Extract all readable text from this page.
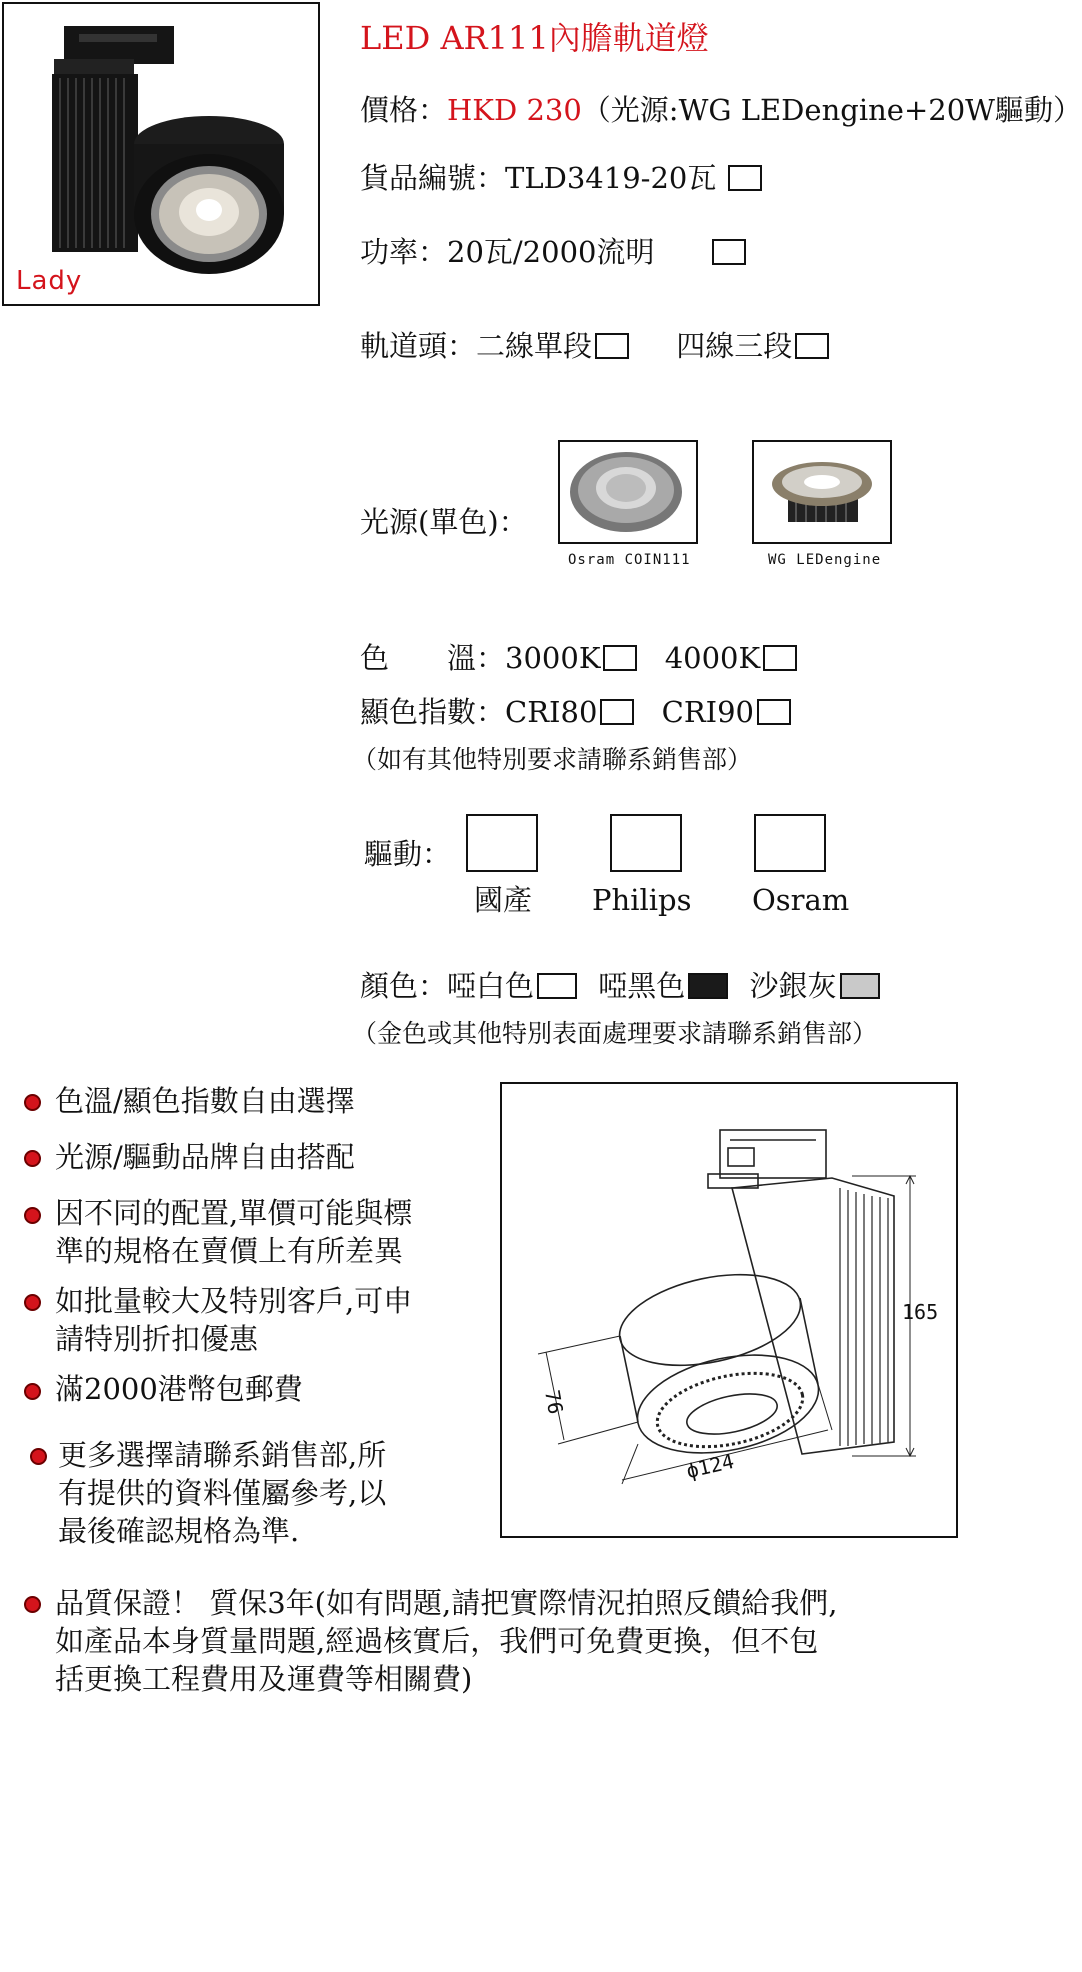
Lady
LED AR111內膽軌道燈
價格：HKD 230（光源:WG LEDengine+20W驅動）
貨品編號：TLD3419-20瓦
功率：20瓦/2000流明
軌道頭：二線單段	四線三段
光源(單色)：
Osram COIN111	WG LEDengine
色　　溫：3000K 4000K
顯色指數：CRI80 CRI90
（如有其他特別要求請聯系銷售部）
驅動：
國產 Philips Osram
顏色：啞白色 啞黑色 沙銀灰
（金色或其他特別表面處理要求請聯系銷售部）
色溫/顯色指數自由選擇
光源/驅動品牌自由搭配
因不同的配置,單價可能與標
準的規格在賣價上有所差異
如批量較大及特別客戶,可申
請特別折扣優惠
滿2000港幣包郵費
更多選擇請聯系銷售部,所
有提供的資料僅屬參考,以
最後確認規格為準.
165
76
ϕ124
品質保證！ 質保3年(如有問題,請把實際情況拍照反饋給我們,
如產品本身質量問題,經過核實后，我們可免費更換，但不包
括更換工程費用及運費等相關費)
